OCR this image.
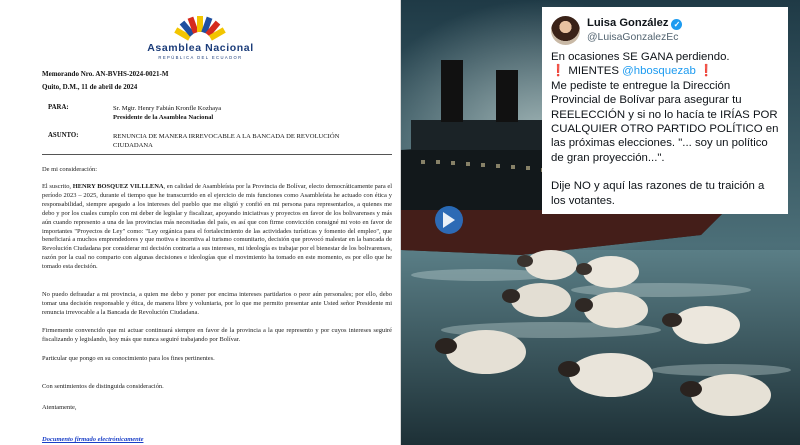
Asamblea Nacional
REPÚBLICA DEL ECUADOR
Memorando Nro. AN-BVHS-2024-0021-M
Quito, D.M., 11 de abril de 2024
PARA:	Sr. Mgtr. Henry Fabián Kronfle Kozhaya
Presidente de la Asamblea Nacional
ASUNTO:	RENUNCIA DE MANERA IRREVOCABLE A LA BANCADA DE REVOLUCIÓN
CIUDADANA
De mi consideración:
El suscrito, HENRY BOSQUEZ VILLLENA, en calidad de Asambleísta por la Provincia de Bolívar, electo democráticamente para el período 2023 – 2025, durante el tiempo que he transcurrido en el ejercicio de mis funciones como Asambleísta he actuado con ética y responsabilidad, siempre apegado a los intereses del pueblo que me eligió y confió en mi persona para representarlos, a quienes me debo y por los cuales cumplo con mi deber de legislar y fiscalizar, apoyando iniciativas y proyectos en favor de los bolivarenses y más aún cuando represento a una de las provincias más necesitadas del país, es así que con firme convicción consigné mi voto en favor de importantes "Proyectos de Ley" como: "Ley orgánica para el fortalecimiento de las actividades turísticas y fomento del empleo", que beneficiará a muchos emprendedores y que motiva e incentiva al turismo comunitario, decisión que provocó malestar en la bancada de Revolución Ciudadana por considerar mi decisión contraria a sus intereses, mi ideología es trabajar por el bienestar de los bolivarenses, razón por la cual no comparto con algunas decisiones e ideologías que el movimiento ha tomado en este momento, es por ello que he tomado esta decisión.
No puedo defraudar a mi provincia, a quien me debo y poner por encima intereses partidarios o peor aún personales; por ello, debo tomar una decisión responsable y ética, de manera libre y voluntaria, por lo que me permito presentar ante Usted señor Presidente mi renuncia irrevocable a la Bancada de Revolución Ciudadana.
Firmemente convencido que mi actuar continuará siempre en favor de la provincia a la que represento y por cuyos intereses seguiré fiscalizando y legislando, hoy más que nunca seguiré trabajando por Bolívar.
Particular que pongo en su conocimiento para los fines pertinentes.
Con sentimientos de distinguida consideración.
Atentamente,
Documento firmado electrónicamente
Luisa González ✓
@LuisaGonzalezEc

En ocasiones SE GANA perdiendo.

❗ MIENTES @hbosquezab ❗

Me pediste te entregue la Dirección Provincial de Bolívar para asegurar tu REELECCIÓN y si no lo hacía te IRÍAS POR CUALQUIER OTRO PARTIDO POLÍTICO en las próximas elecciones. "... soy un político de gran proyección...".

Dije NO y aquí las razones de tu traición a los votantes.
